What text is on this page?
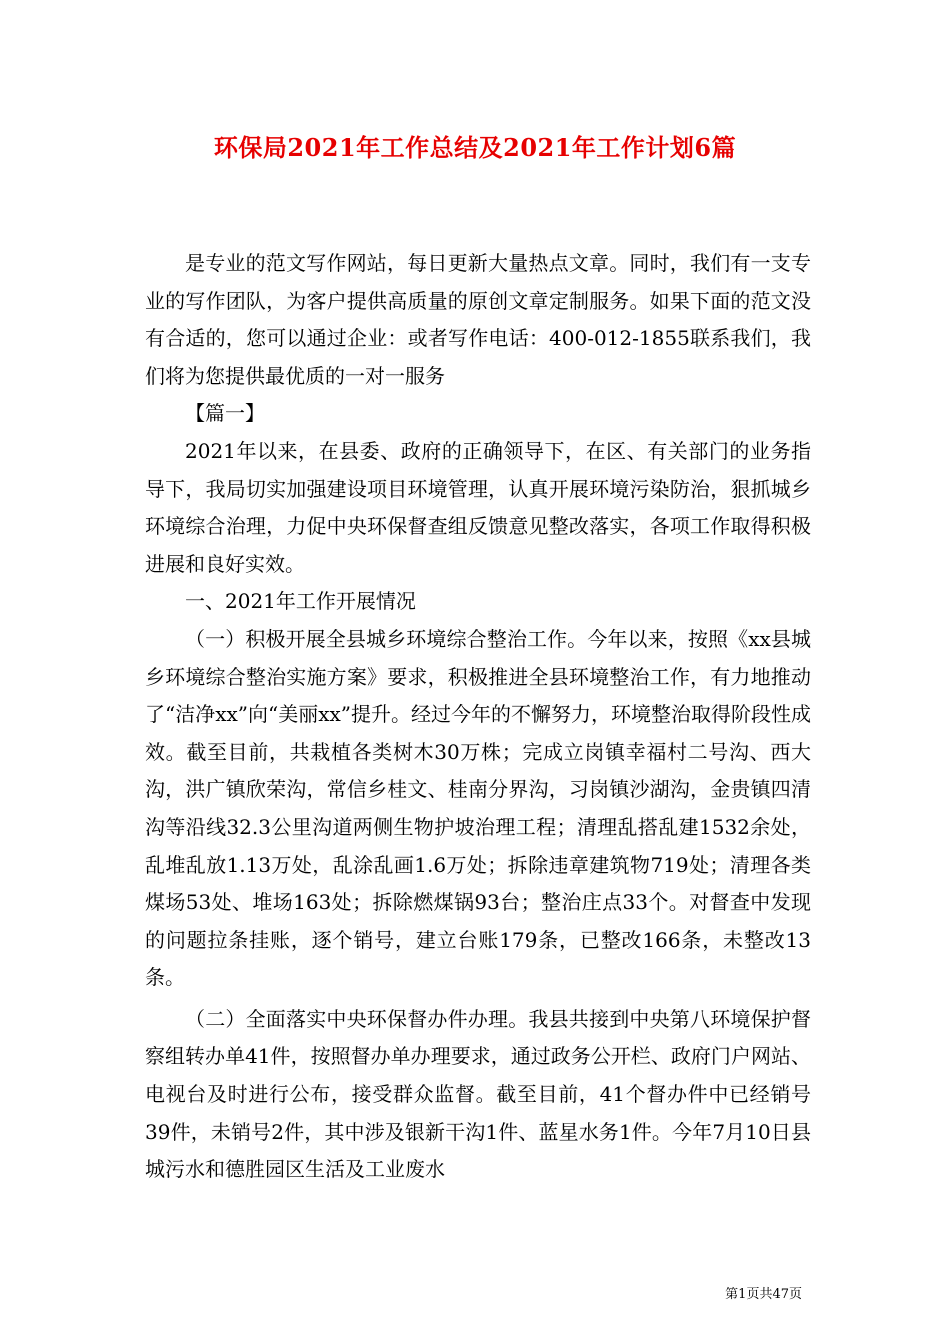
环保局2021年工作总结及2021年工作计划6篇

是专业的范文写作网站，每日更新大量热点文章。同时，我们有一支专业的写作团队，为客户提供高质量的原创文章定制服务。如果下面的范文没有合适的，您可以通过企业：或者写作电话：400-012-1855联系我们，我们将为您提供最优质的一对一服务

【篇一】

2021年以来，在县委、政府的正确领导下，在区、有关部门的业务指导下，我局切实加强建设项目环境管理，认真开展环境污染防治，狠抓城乡环境综合治理，力促中央环保督查组反馈意见整改落实，各项工作取得积极进展和良好实效。

一、2021年工作开展情况

（一）积极开展全县城乡环境综合整治工作。今年以来，按照《xx县城乡环境综合整治实施方案》要求，积极推进全县环境整治工作，有力地推动了“洁净xx”向“美丽xx”提升。经过今年的不懈努力，环境整治取得阶段性成效。截至目前，共栽植各类树木30万株；完成立岗镇幸福村二号沟、西大沟，洪广镇欣荣沟，常信乡桂文、桂南分界沟，习岗镇沙湖沟，金贵镇四清沟等沿线32.3公里沟道两侧生物护坡治理工程；清理乱搭乱建1532余处，乱堆乱放1.13万处，乱涂乱画1.6万处；拆除违章建筑物719处；清理各类煤场53处、堆场163处；拆除燃煤锅93台；整治庄点33个。对督查中发现的问题拉条挂账，逐个销号，建立台账179条，已整改166条，未整改13条。

（二）全面落实中央环保督办件办理。我县共接到中央第八环境保护督察组转办单41件，按照督办单办理要求，通过政务公开栏、政府门户网站、电视台及时进行公布，接受群众监督。截至目前，41个督办件中已经销号39件，未销号2件，其中涉及银新干沟1件、蓝星水务1件。今年7月10日县城污水和德胜园区生活及工业废水

第1页共47页
